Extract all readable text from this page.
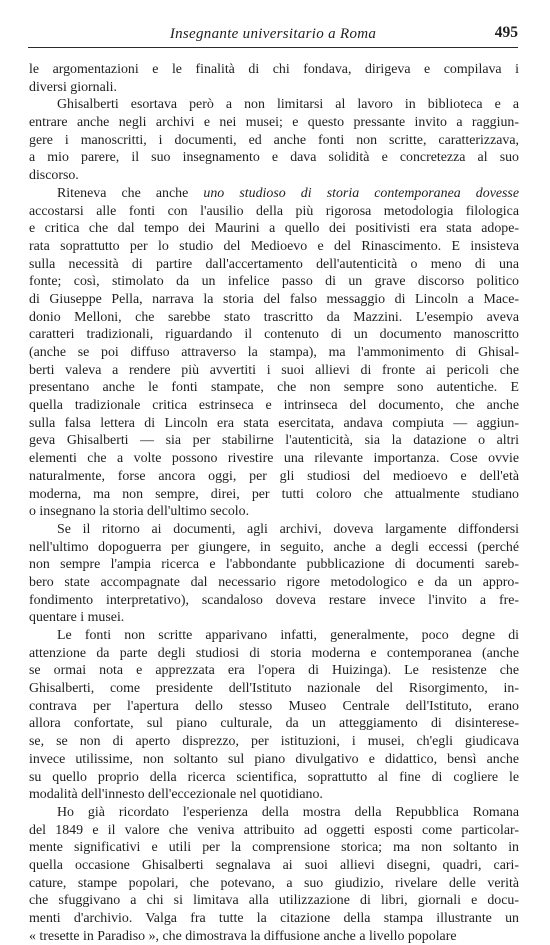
Insegnante universitario a Roma	495
le argomentazioni e le finalità di chi fondava, dirigeva e compilava i
diversi giornali.
Ghisalberti esortava però a non limitarsi al lavoro in biblioteca e a
entrare anche negli archivi e nei musei; e questo pressante invito a raggiun-
gere i manoscritti, i documenti, ed anche fonti non scritte, caratterizzava,
a mio parere, il suo insegnamento e dava solidità e concretezza al suo
discorso.
Riteneva che anche uno studioso di storia contemporanea dovesse
accostarsi alle fonti con l'ausilio della più rigorosa metodologia filologica
e critica che dal tempo dei Maurini a quello dei positivisti era stata adope-
rata soprattutto per lo studio del Medioevo e del Rinascimento. E insisteva
sulla necessità di partire dall'accertamento dell'autenticità o meno di una
fonte; così, stimolato da un infelice passo di un grave discorso politico
di Giuseppe Pella, narrava la storia del falso messaggio di Lincoln a Mace-
donio Melloni, che sarebbe stato trascritto da Mazzini. L'esempio aveva
caratteri tradizionali, riguardando il contenuto di un documento manoscritto
(anche se poi diffuso attraverso la stampa), ma l'ammonimento di Ghisal-
berti valeva a rendere più avvertiti i suoi allievi di fronte ai pericoli che
presentano anche le fonti stampate, che non sempre sono autentiche. E
quella tradizionale critica estrinseca e intrinseca del documento, che anche
sulla falsa lettera di Lincoln era stata esercitata, andava compiuta — aggiun-
geva Ghisalberti — sia per stabilirne l'autenticità, sia la datazione o altri
elementi che a volte possono rivestire una rilevante importanza. Cose ovvie
naturalmente, forse ancora oggi, per gli studiosi del medioevo e dell'età
moderna, ma non sempre, direi, per tutti coloro che attualmente studiano
o insegnano la storia dell'ultimo secolo.
Se il ritorno ai documenti, agli archivi, doveva largamente diffondersi
nell'ultimo dopoguerra per giungere, in seguito, anche a degli eccessi (perché
non sempre l'ampia ricerca e l'abbondante pubblicazione di documenti sareb-
bero state accompagnate dal necessario rigore metodologico e da un appro-
fondimento interpretativo), scandaloso doveva restare invece l'invito a fre-
quentare i musei.
Le fonti non scritte apparivano infatti, generalmente, poco degne di
attenzione da parte degli studiosi di storia moderna e contemporanea (anche
se ormai nota e apprezzata era l'opera di Huizinga). Le resistenze che
Ghisalberti, come presidente dell'Istituto nazionale del Risorgimento, in-
contrava per l'apertura dello stesso Museo Centrale dell'Istituto, erano
allora confortate, sul piano culturale, da un atteggiamento di disinterese-
se, se non di aperto disprezzo, per istituzioni, i musei, ch'egli giudicava
invece utilissime, non soltanto sul piano divulgativo e didattico, bensì anche
su quello proprio della ricerca scientifica, soprattutto al fine di cogliere le
modalità dell'innesto dell'eccezionale nel quotidiano.
Ho già ricordato l'esperienza della mostra della Repubblica Romana
del 1849 e il valore che veniva attribuito ad oggetti esposti come particolar-
mente significativi e utili per la comprensione storica; ma non soltanto in
quella occasione Ghisalberti segnalava ai suoi allievi disegni, quadri, cari-
cature, stampe popolari, che potevano, a suo giudizio, rivelare delle verità
che sfuggivano a chi si limitava alla utilizzazione di libri, giornali e docu-
menti d'archivio. Valga fra tutte la citazione della stampa illustrante un
« tresette in Paradiso », che dimostrava la diffusione anche a livello popolare
